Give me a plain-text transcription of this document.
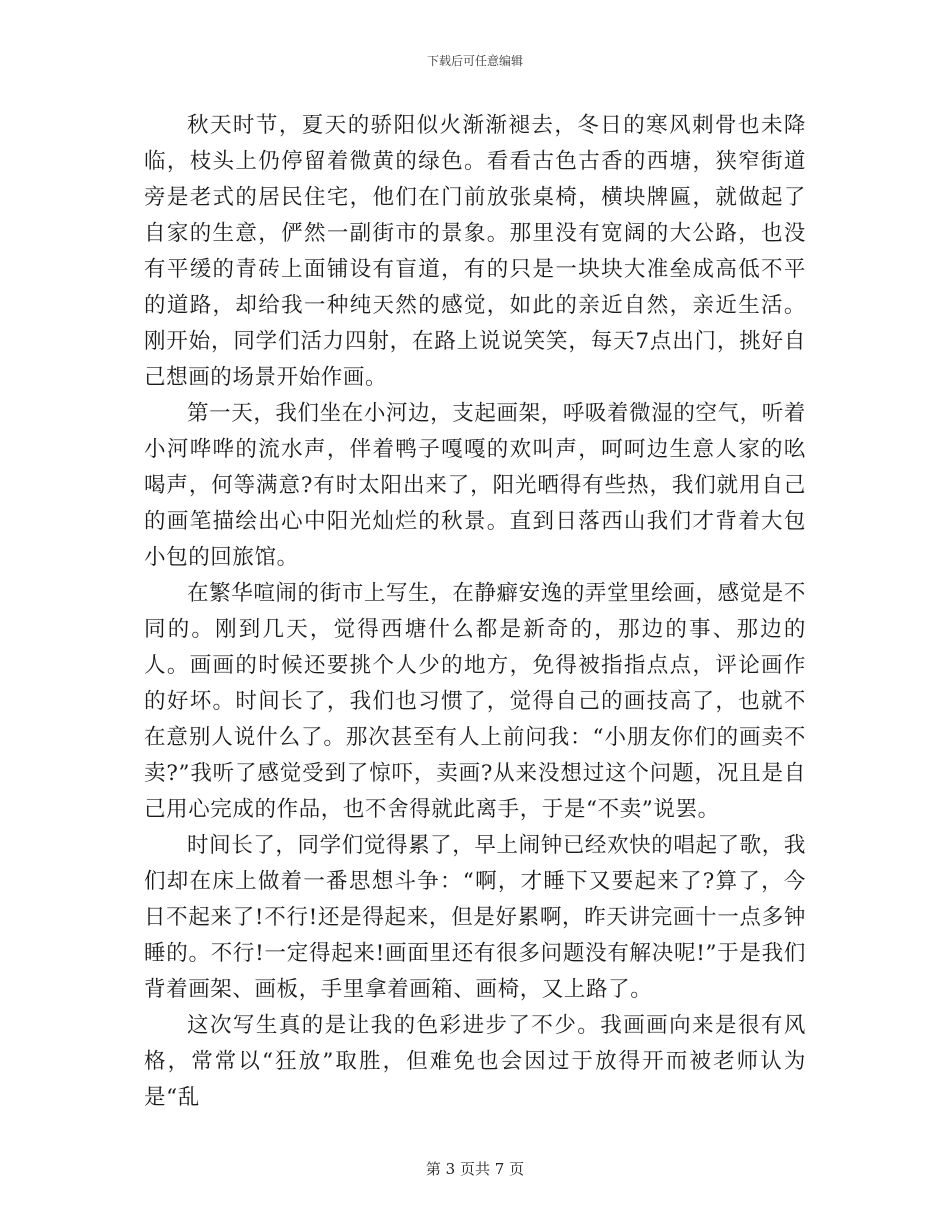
下载后可任意编辑

秋天时节，夏天的骄阳似火渐渐褪去，冬日的寒风刺骨也未降临，枝头上仍停留着微黄的绿色。看看古色古香的西塘，狭窄街道旁是老式的居民住宅，他们在门前放张桌椅，横块牌匾，就做起了自家的生意，俨然一副街市的景象。那里没有宽阔的大公路，也没有平缓的青砖上面铺设有盲道，有的只是一块块大准垒成高低不平的道路，却给我一种纯天然的感觉，如此的亲近自然，亲近生活。刚开始，同学们活力四射，在路上说说笑笑，每天7点出门，挑好自己想画的场景开始作画。

第一天，我们坐在小河边，支起画架，呼吸着微湿的空气，听着小河哗哗的流水声，伴着鸭子嘎嘎的欢叫声，呵呵边生意人家的吆喝声，何等满意?有时太阳出来了，阳光晒得有些热，我们就用自己的画笔描绘出心中阳光灿烂的秋景。直到日落西山我们才背着大包小包的回旅馆。

在繁华喧闹的街市上写生，在静癖安逸的弄堂里绘画，感觉是不同的。刚到几天，觉得西塘什么都是新奇的，那边的事、那边的人。画画的时候还要挑个人少的地方，免得被指指点点，评论画作的好坏。时间长了，我们也习惯了，觉得自己的画技高了，也就不在意别人说什么了。那次甚至有人上前问我：“小朋友你们的画卖不卖?”我听了感觉受到了惊吓，卖画?从来没想过这个问题，况且是自己用心完成的作品，也不舍得就此离手，于是“不卖”说罢。

时间长了，同学们觉得累了，早上闹钟已经欢快的唱起了歌，我们却在床上做着一番思想斗争：“啊，才睡下又要起来了?算了，今日不起来了!不行!还是得起来，但是好累啊，昨天讲完画十一点多钟睡的。不行!一定得起来!画面里还有很多问题没有解决呢!”于是我们背着画架、画板，手里拿着画箱、画椅，又上路了。

这次写生真的是让我的色彩进步了不少。我画画向来是很有风格，常常以“狂放”取胜，但难免也会因过于放得开而被老师认为是“乱

第 3 页共 7 页
